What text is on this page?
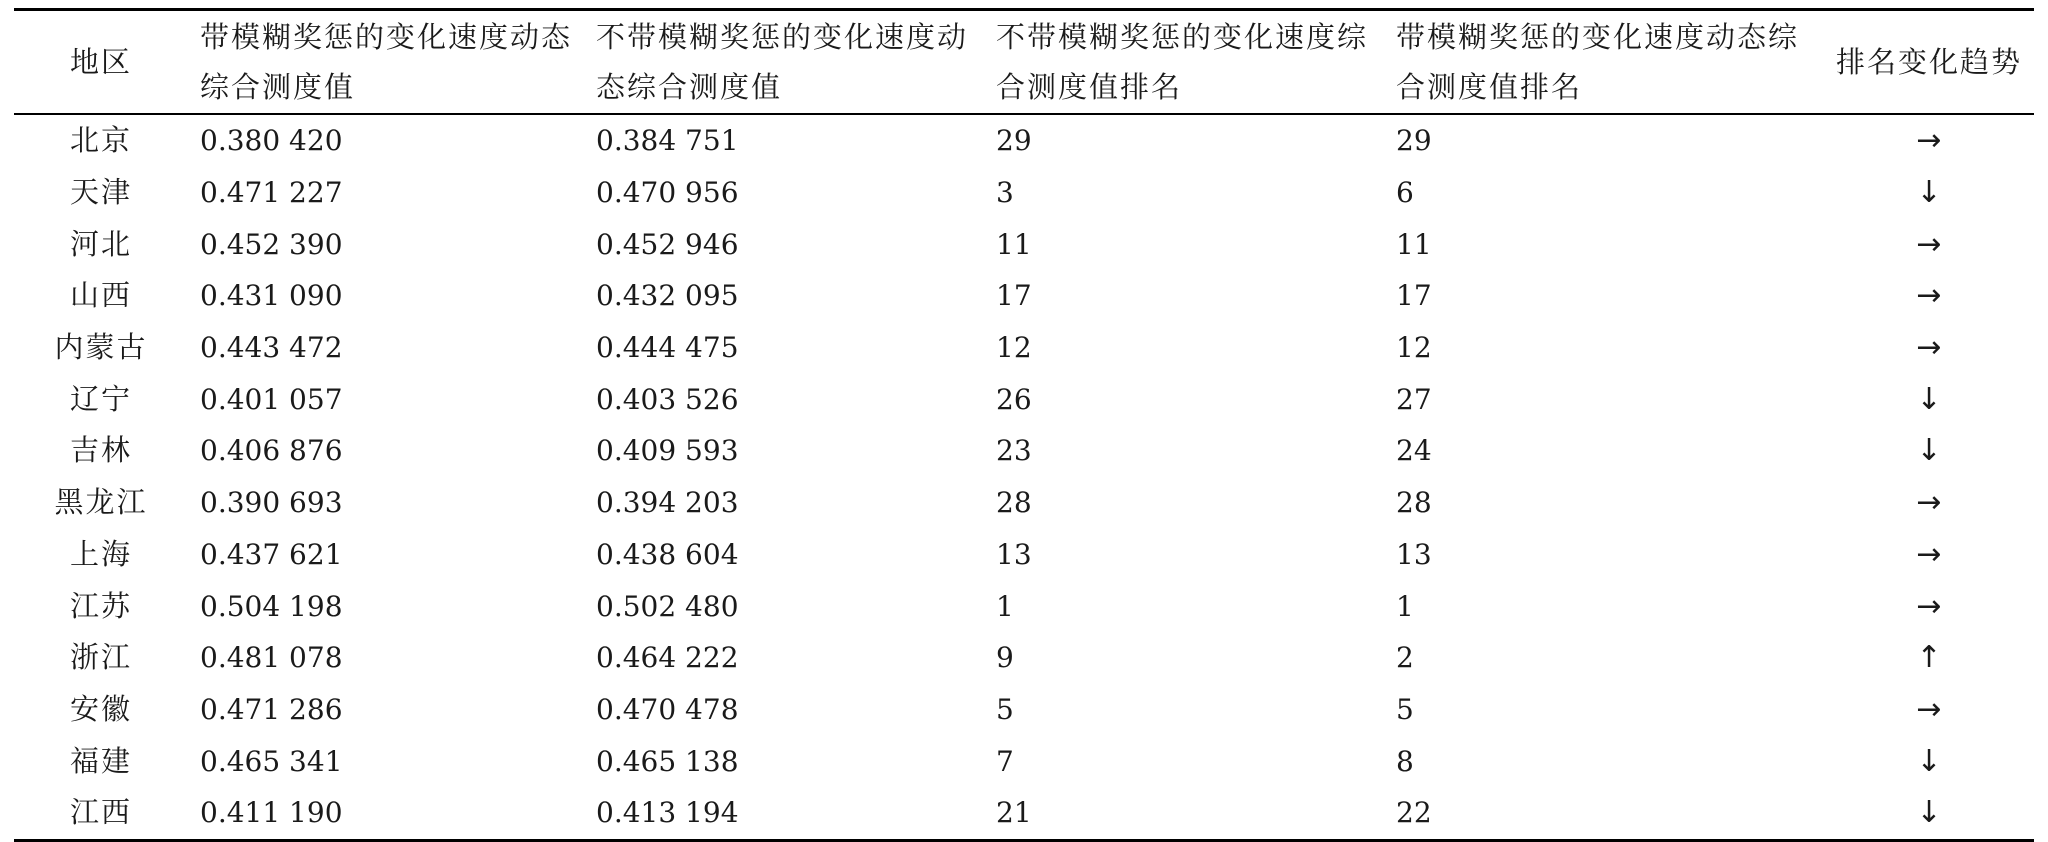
地区	带模糊奖惩的变化速度动态综合测度值	不带模糊奖惩的变化速度动态综合测度值	不带模糊奖惩的变化速度综合测度值排名	带模糊奖惩的变化速度动态综合测度值排名	排名变化趋势
北京	0.380 420	0.384 751	29	29	→
天津	0.471 227	0.470 956	3	6	↓
河北	0.452 390	0.452 946	11	11	→
山西	0.431 090	0.432 095	17	17	→
内蒙古	0.443 472	0.444 475	12	12	→
辽宁	0.401 057	0.403 526	26	27	↓
吉林	0.406 876	0.409 593	23	24	↓
黑龙江	0.390 693	0.394 203	28	28	→
上海	0.437 621	0.438 604	13	13	→
江苏	0.504 198	0.502 480	1	1	→
浙江	0.481 078	0.464 222	9	2	↑
安徽	0.471 286	0.470 478	5	5	→
福建	0.465 341	0.465 138	7	8	↓
江西	0.411 190	0.413 194	21	22	↓
